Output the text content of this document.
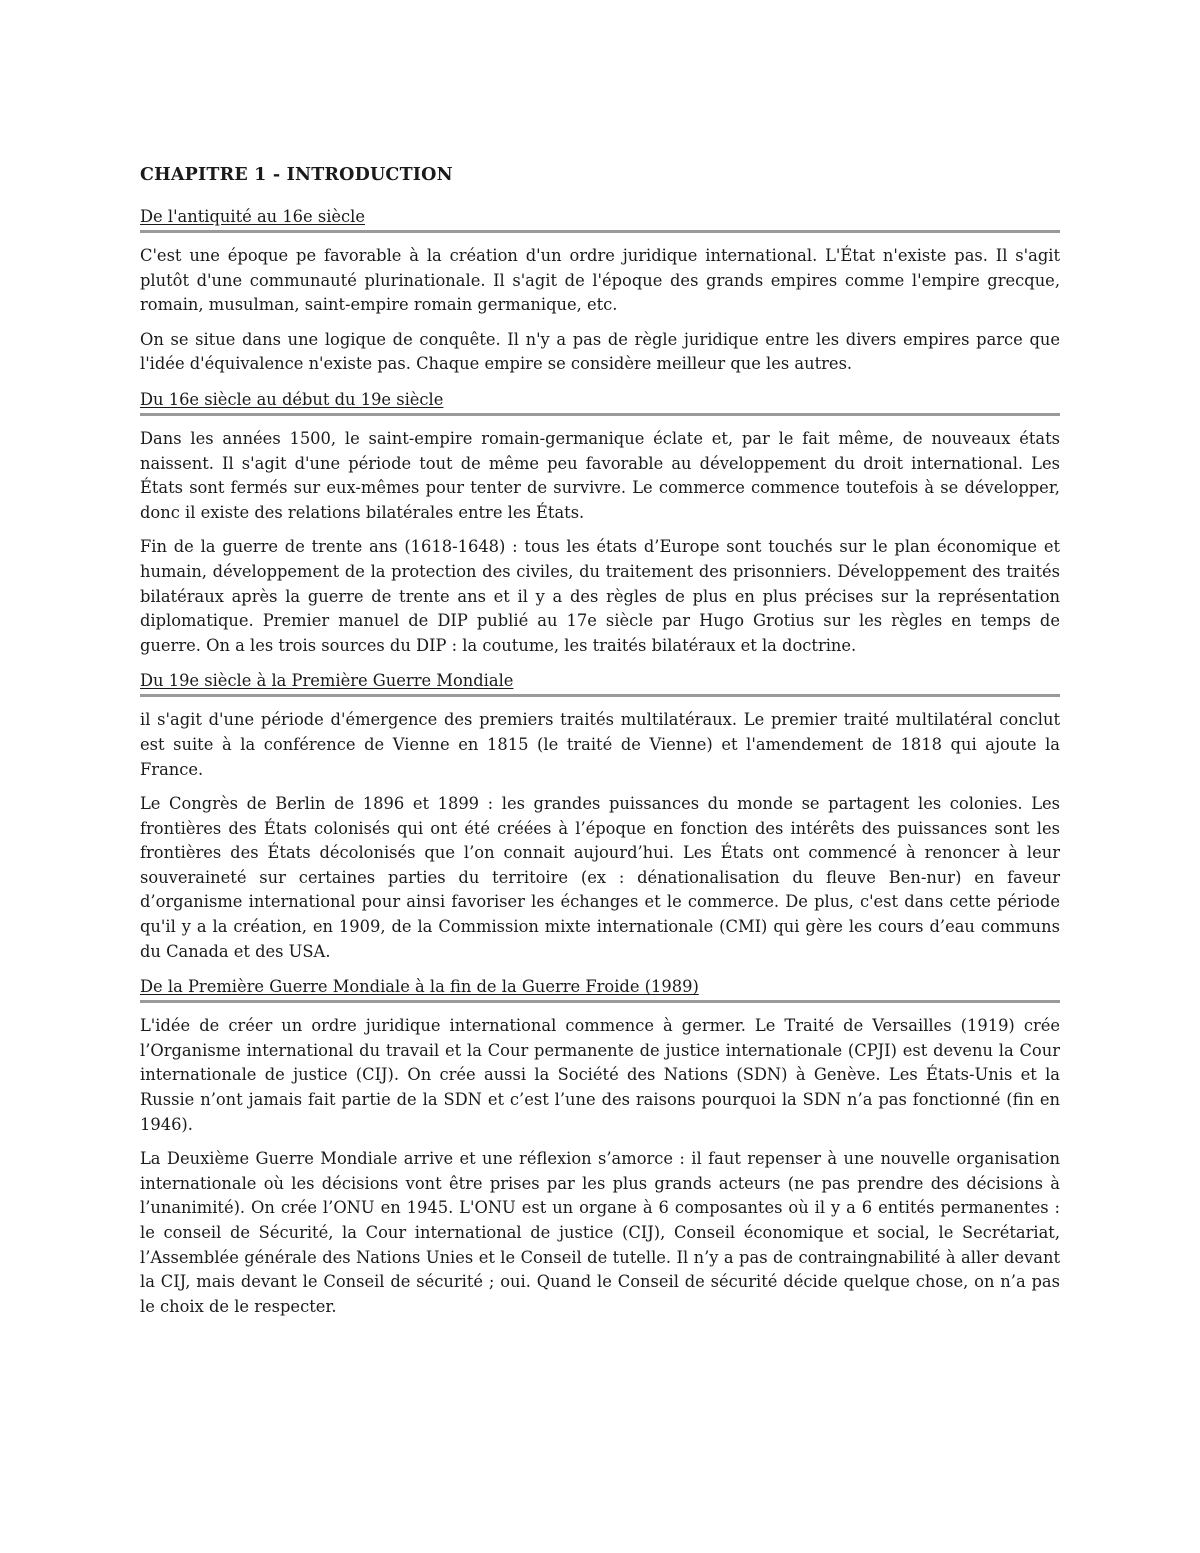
CHAPITRE 1 - INTRODUCTION
De l'antiquité au 16e siècle

C'est une époque pe favorable à la création d'un ordre juridique international. L'État n'existe pas. Il s'agit plutôt d'une communauté plurinationale. Il s'agit de l'époque des grands empires comme l'empire grecque, romain, musulman, saint-empire romain germanique, etc.

On se situe dans une logique de conquête. Il n'y a pas de règle juridique entre les divers empires parce que l'idée d'équivalence n'existe pas. Chaque empire se considère meilleur que les autres.

Du 16e siècle au début du 19e siècle

Dans les années 1500, le saint-empire romain-germanique éclate et, par le fait même, de nouveaux états naissent. Il s'agit d'une période tout de même peu favorable au développement du droit international. Les États sont fermés sur eux-mêmes pour tenter de survivre. Le commerce commence toutefois à se développer, donc il existe des relations bilatérales entre les États.

Fin de la guerre de trente ans (1618-1648) : tous les états d’Europe sont touchés sur le plan économique et humain, développement de la protection des civiles, du traitement des prisonniers. Développement des traités bilatéraux après la guerre de trente ans et il y a des règles de plus en plus précises sur la représentation diplomatique. Premier manuel de DIP publié au 17e siècle par Hugo Grotius sur les règles en temps de guerre. On a les trois sources du DIP : la coutume, les traités bilatéraux et la doctrine.

Du 19e siècle à la Première Guerre Mondiale

il s'agit d'une période d'émergence des premiers traités multilatéraux. Le premier traité multilatéral conclut est suite à la conférence de Vienne en 1815 (le traité de Vienne) et l'amendement de 1818 qui ajoute la France.

Le Congrès de Berlin de 1896 et 1899 : les grandes puissances du monde se partagent les colonies. Les frontières des États colonisés qui ont été créées à l’époque en fonction des intérêts des puissances sont les frontières des États décolonisés que l’on connait aujourd’hui. Les États ont commencé à renoncer à leur souveraineté sur certaines parties du territoire (ex : dénationalisation du fleuve Ben-nur) en faveur d’organisme international pour ainsi favoriser les échanges et le commerce. De plus, c'est dans cette période qu'il y a la création, en 1909, de la Commission mixte internationale (CMI) qui gère les cours d’eau communs du Canada et des USA.

De la Première Guerre Mondiale à la fin de la Guerre Froide (1989)

L'idée de créer un ordre juridique international commence à germer. Le Traité de Versailles (1919) crée l’Organisme international du travail et la Cour permanente de justice internationale (CPJI) est devenu la Cour internationale de justice (CIJ). On crée aussi la Société des Nations (SDN) à Genève. Les États-Unis et la Russie n’ont jamais fait partie de la SDN et c’est l’une des raisons pourquoi la SDN n’a pas fonctionné (fin en 1946).

La Deuxième Guerre Mondiale arrive et une réflexion s’amorce : il faut repenser à une nouvelle organisation internationale où les décisions vont être prises par les plus grands acteurs (ne pas prendre des décisions à l’unanimité). On crée l’ONU en 1945. L'ONU est un organe à 6 composantes où il y a 6 entités permanentes : le conseil de Sécurité, la Cour international de justice (CIJ), Conseil économique et social, le Secrétariat, l’Assemblée générale des Nations Unies et le Conseil de tutelle. Il n’y a pas de contraingnabilité à aller devant la CIJ, mais devant le Conseil de sécurité ; oui. Quand le Conseil de sécurité décide quelque chose, on n’a pas le choix de le respecter.
